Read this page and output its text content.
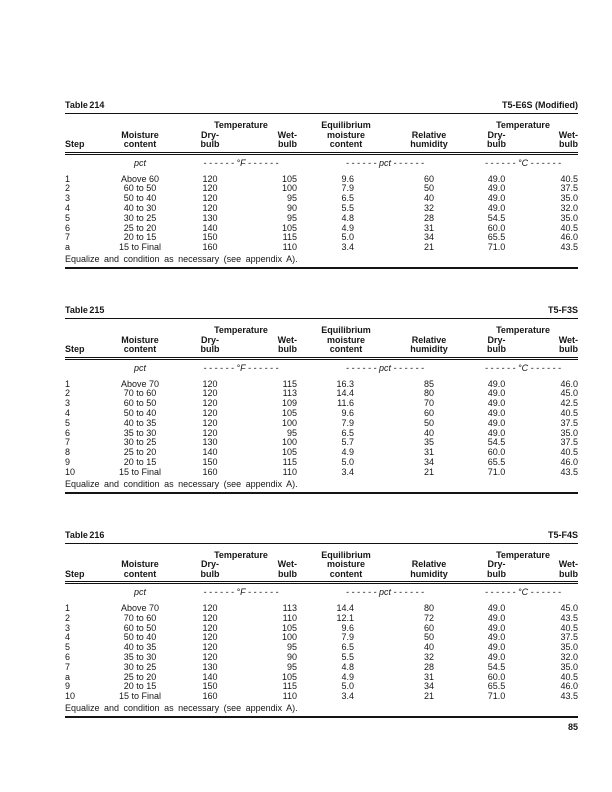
Table 214	T5-E6S (Modified)
		Temperature		Equilibrium		Temperature	
	Moisture	Dry-	Wet-	moisture	Relative	Dry-	Wet-
Step	content	bulb	bulb	content	humidity	bulb	bulb
	pct	- - - - - - °F - - - - - -		- - - - - - pct - - - - - -		- - - - - - °C - - - - - -	
1	Above 60	120	105	9.6	60	49.0	40.5
2	60 to 50	120	100	7.9	50	49.0	37.5
3	50 to 40	120	95	6.5	40	49.0	35.0
4	40 to 30	120	90	5.5	32	49.0	32.0
5	30 to 25	130	95	4.8	28	54.5	35.0
6	25 to 20	140	105	4.9	31	60.0	40.5
7	20 to 15	150	115	5.0	34	65.5	46.0
a	15 to Final	160	110	3.4	21	71.0	43.5
Equalize and condition as necessary (see appendix A).
Table 215	T5-F3S
		Temperature		Equilibrium		Temperature	
	Moisture	Dry-	Wet-	moisture	Relative	Dry-	Wet-
Step	content	bulb	bulb	content	humidity	bulb	bulb
	pct	- - - - - - °F - - - - - -		- - - - - - pct - - - - - -		- - - - - - °C - - - - - -	
1	Above 70	120	115	16.3	85	49.0	46.0
2	70 to 60	120	113	14.4	80	49.0	45.0
3	60 to 50	120	109	11.6	70	49.0	42.5
4	50 to 40	120	105	9.6	60	49.0	40.5
5	40 to 35	120	100	7.9	50	49.0	37.5
6	35 to 30	120	95	6.5	40	49.0	35.0
7	30 to 25	130	100	5.7	35	54.5	37.5
8	25 to 20	140	105	4.9	31	60.0	40.5
9	20 to 15	150	115	5.0	34	65.5	46.0
10	15 to Final	160	110	3.4	21	71.0	43.5
Equalize and condition as necessary (see appendix A).
Table 216	T5-F4S
		Temperature		Equilibrium		Temperature	
	Moisture	Dry-	Wet-	moisture	Relative	Dry-	Wet-
Step	content	bulb	bulb	content	humidity	bulb	bulb
	pct	- - - - - - °F - - - - - -		- - - - - - pct - - - - - -		- - - - - - °C - - - - - -	
1	Above 70	120	113	14.4	80	49.0	45.0
2	70 to 60	120	110	12.1	72	49.0	43.5
3	60 to 50	120	105	9.6	60	49.0	40.5
4	50 to 40	120	100	7.9	50	49.0	37.5
5	40 to 35	120	95	6.5	40	49.0	35.0
6	35 to 30	120	90	5.5	32	49.0	32.0
7	30 to 25	130	95	4.8	28	54.5	35.0
a	25 to 20	140	105	4.9	31	60.0	40.5
9	20 to 15	150	115	5.0	34	65.5	46.0
10	15 to Final	160	110	3.4	21	71.0	43.5
Equalize and condition as necessary (see appendix A).
85
